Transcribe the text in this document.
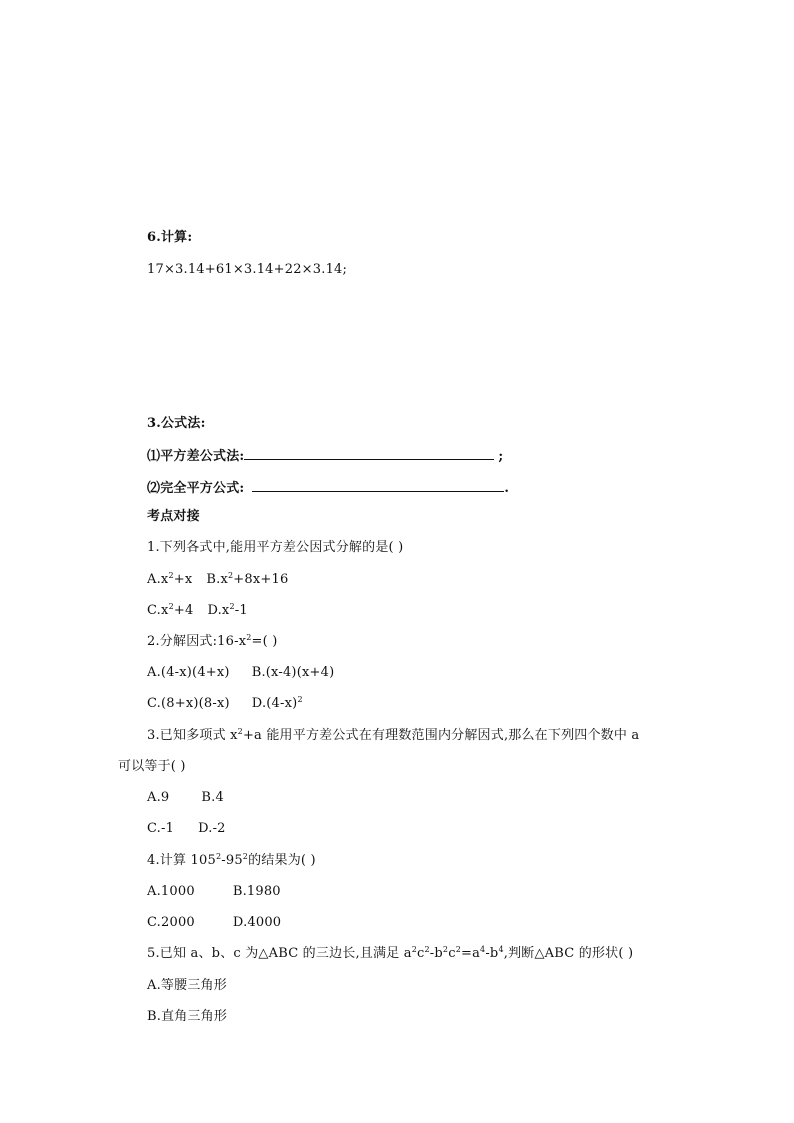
6.计算:
17×3.14+61×3.14+22×3.14;
3.公式法:
⑴平方差公式法:	;
⑵完全平方公式:	.
考点对接
1.下列各式中,能用平方差公因式分解的是( )
$A.x^2+x$ $B.x^2+8x+16$
$C.x^2+4$ $D.x^2-1$
2.分解因式$:16-x^2=$( )
A.(4-x)(4+x) B.(x-4)(x+4)
C.(8+x)(8-x) $D.(4-x)^2$
3.已知多项式 $x^2+a$ 能用平方差公式在有理数范围内分解因式,那么在下列四个数中 a
可以等于( )
A.9 B.4
C.-1 D.-2
4.计算 $105^2-95^2$的结果为( )
A.1000	B.1980
C.2000	D.4000
5.已知 a、b、c 为△ABC 的三边长,且满足 $a^2c^2-b^2c^2=a^4-b^4$,判断△ABC 的形状( )
A.等腰三角形
B.直角三角形
